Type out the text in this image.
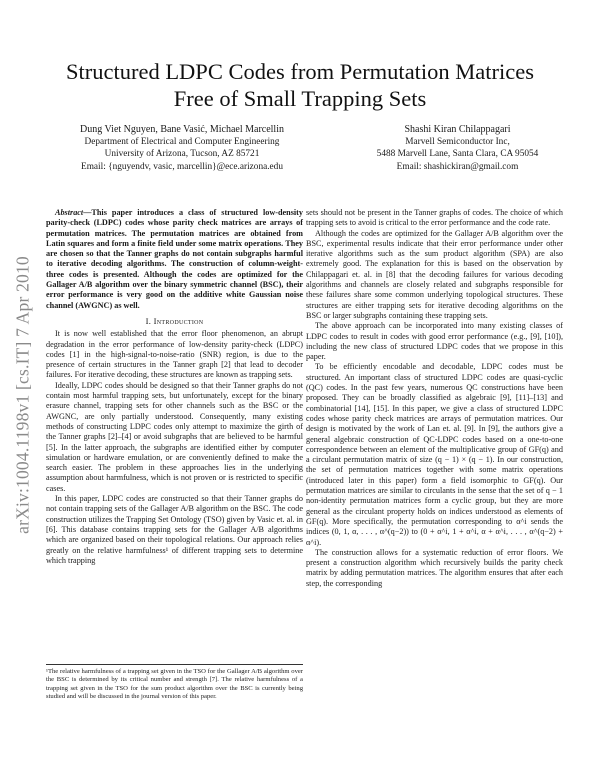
arXiv:1004.1198v1 [cs.IT] 7 Apr 2010
Structured LDPC Codes from Permutation Matrices
Free of Small Trapping Sets
Dung Viet Nguyen, Bane Vasić, Michael Marcellin
Department of Electrical and Computer Engineering
University of Arizona, Tucson, AZ 85721
Email: {nguyendv, vasic, marcellin}@ece.arizona.edu
Shashi Kiran Chilappagari
Marvell Semiconductor Inc,
5488 Marvell Lane, Santa Clara, CA 95054
Email: shashickiran@gmail.com

Abstract—This paper introduces a class of structured low-density parity-check (LDPC) codes whose parity check matrices are arrays of permutation matrices. The permutation matrices are obtained from Latin squares and form a finite field under some matrix operations. They are chosen so that the Tanner graphs do not contain subgraphs harmful to iterative decoding algorithms. The construction of column-weight-three codes is presented. Although the codes are optimized for the Gallager A/B algorithm over the binary symmetric channel (BSC), their error performance is very good on the additive white Gaussian noise channel (AWGNC) as well.

I. Introduction

It is now well established that the error floor phenomenon, an abrupt degradation in the error performance of low-density parity-check (LDPC) codes [1] in the high-signal-to-noise-ratio (SNR) region, is due to the presence of certain structures in the Tanner graph [2] that lead to decoder failures. For iterative decoding, these structures are known as trapping sets.

Ideally, LDPC codes should be designed so that their Tanner graphs do not contain most harmful trapping sets, but unfortunately, except for the binary erasure channel, trapping sets for other channels such as the BSC or the AWGNC, are only partially understood. Consequently, many existing methods of constructing LDPC codes only attempt to maximize the girth of the Tanner graphs [2]–[4] or avoid subgraphs that are believed to be harmful [5]. In the latter approach, the subgraphs are identified either by computer simulation or hardware emulation, or are conveniently defined to make the search easier. The problem in these approaches lies in the underlying assumption about harmfulness, which is not proven or is restricted to specific cases.

In this paper, LDPC codes are constructed so that their Tanner graphs do not contain trapping sets of the Gallager A/B algorithm on the BSC. The code construction utilizes the Trapping Set Ontology (TSO) given by Vasic et. al. in [6]. This database contains trapping sets for the Gallager A/B algorithms which are organized based on their topological relations. Our approach relies greatly on the relative harmfulness¹ of different trapping sets to determine which trapping

¹The relative harmfulness of a trapping set given in the TSO for the Gallager A/B algorithm over the BSC is determined by its critical number and strength [7]. The relative harmfulness of a trapping set given in the TSO for the sum product algorithm over the BSC is currently being studied and will be discussed in the journal version of this paper.

sets should not be present in the Tanner graphs of codes. The choice of which trapping sets to avoid is critical to the error performance and the code rate.

Although the codes are optimized for the Gallager A/B algorithm over the BSC, experimental results indicate that their error performance under other iterative algorithms such as the sum product algorithm (SPA) are also extremely good. The explanation for this is based on the observation by Chilappagari et. al. in [8] that the decoding failures for various decoding algorithms and channels are closely related and subgraphs responsible for these failures share some common underlying topological structures. These structures are either trapping sets for iterative decoding algorithms on the BSC or larger subgraphs containing these trapping sets.

The above approach can be incorporated into many existing classes of LDPC codes to result in codes with good error performance (e.g., [9], [10]), including the new class of structured LDPC codes that we propose in this paper.

To be efficiently encodable and decodable, LDPC codes must be structured. An important class of structured LDPC codes are quasi-cyclic (QC) codes. In the past few years, numerous QC constructions have been proposed. They can be broadly classified as algebraic [9], [11]–[13] and combinatorial [14], [15]. In this paper, we give a class of structured LDPC codes whose parity check matrices are arrays of permutation matrices. Our design is motivated by the work of Lan et. al. [9]. In [9], the authors give a general algebraic construction of QC-LDPC codes based on a one-to-one correspondence between an element of the multiplicative group of GF(q) and a circulant permutation matrix of size (q − 1) × (q − 1). In our construction, the set of permutation matrices together with some matrix operations (introduced later in this paper) form a field isomorphic to GF(q). Our permutation matrices are similar to circulants in the sense that the set of q − 1 non-identity permutation matrices form a cyclic group, but they are more general as the circulant property holds on indices understood as elements of GF(q). More specifically, the permutation corresponding to α^i sends the indices (0, 1, α, . . . , α^(q−2)) to (0 + α^i, 1 + α^i, α + α^i, . . . , α^(q−2) + α^i).

The construction allows for a systematic reduction of error floors. We present a construction algorithm which recursively builds the parity check matrix by adding permutation matrices. The algorithm ensures that after each step, the corresponding
